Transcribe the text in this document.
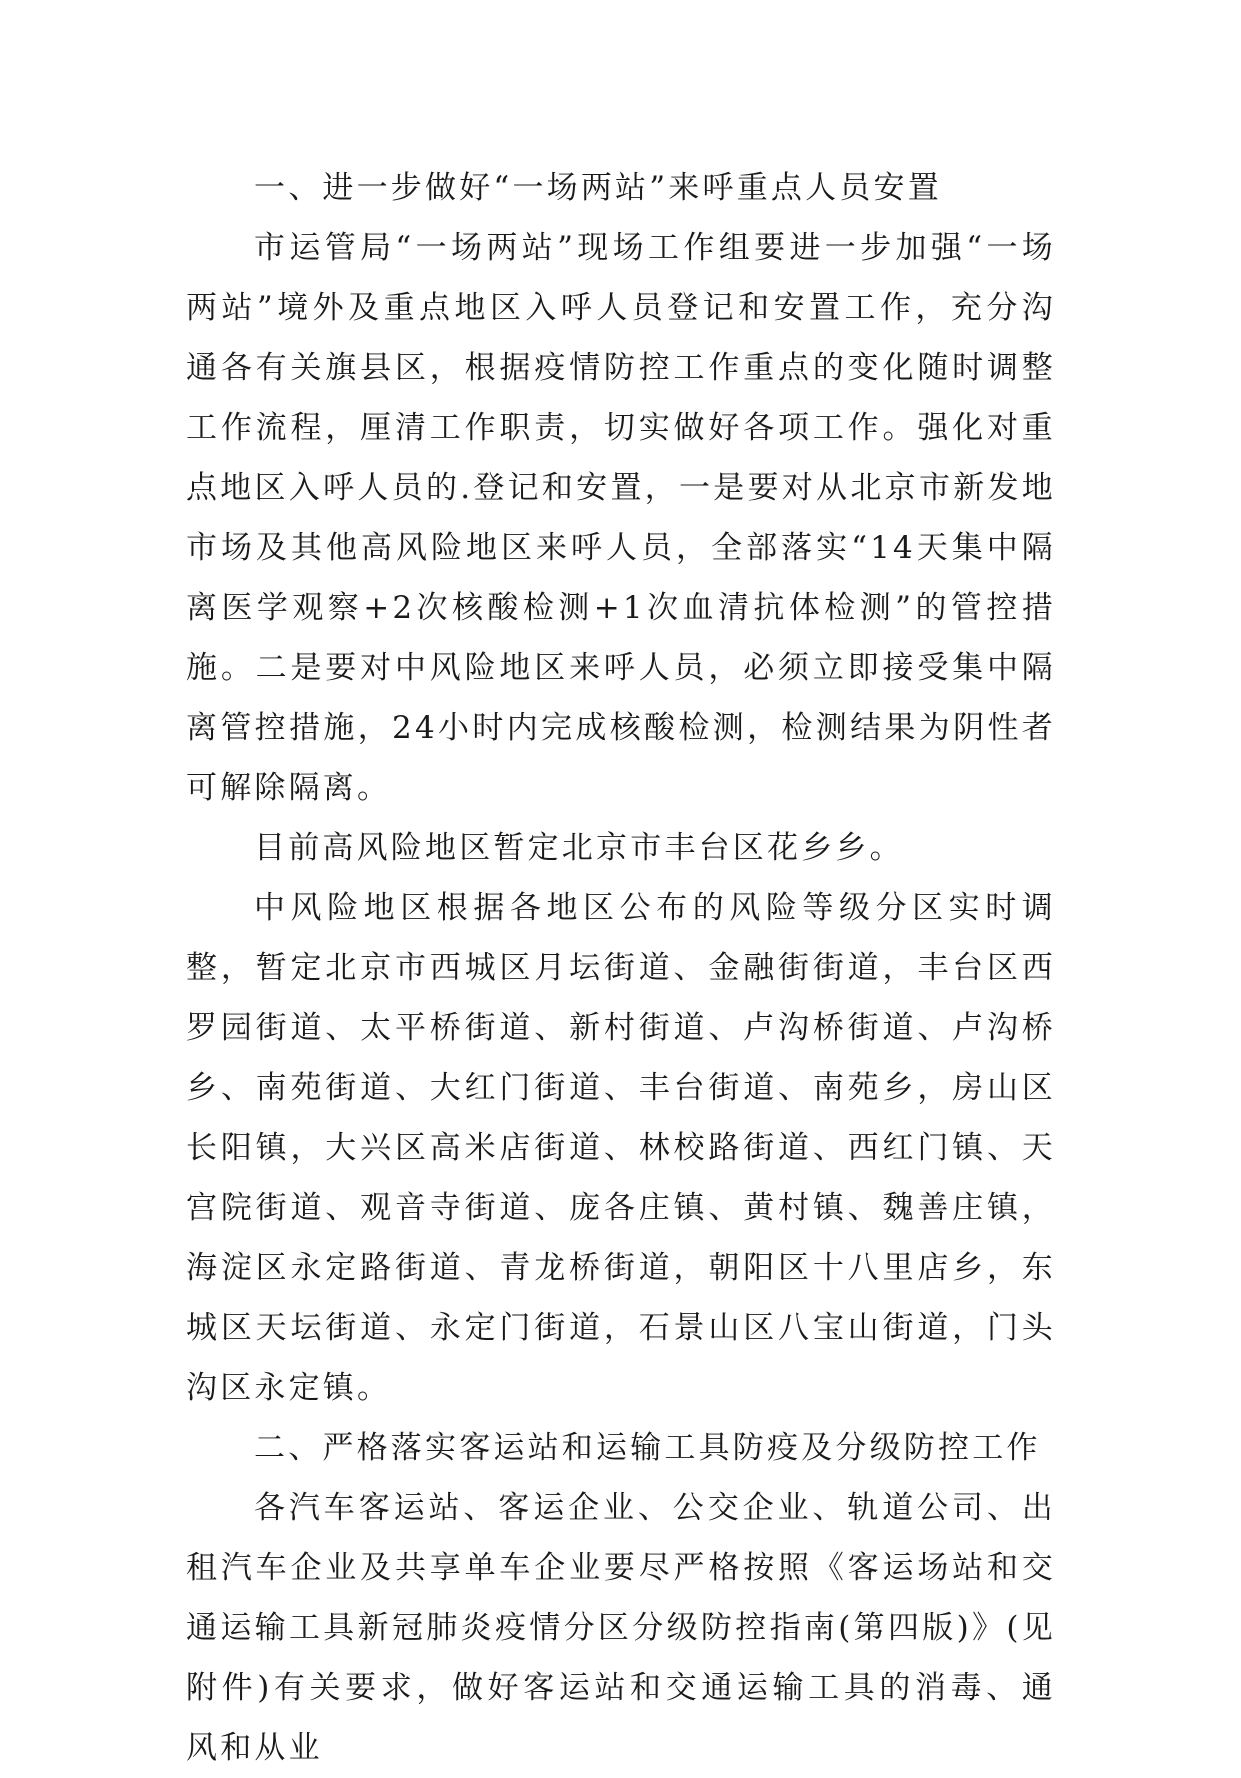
一、进一步做好“一场两站”来呼重点人员安置

市运管局“一场两站”现场工作组要进一步加强“一场两站”境外及重点地区入呼人员登记和安置工作，充分沟通各有关旗县区，根据疫情防控工作重点的变化随时调整工作流程，厘清工作职责，切实做好各项工作。强化对重点地区入呼人员的.登记和安置，一是要对从北京市新发地市场及其他高风险地区来呼人员，全部落实“14天集中隔离医学观察+2次核酸检测+1次血清抗体检测”的管控措施。二是要对中风险地区来呼人员，必须立即接受集中隔离管控措施，24小时内完成核酸检测，检测结果为阴性者可解除隔离。

目前高风险地区暂定北京市丰台区花乡乡。

中风险地区根据各地区公布的风险等级分区实时调整，暂定北京市西城区月坛街道、金融街街道，丰台区西罗园街道、太平桥街道、新村街道、卢沟桥街道、卢沟桥乡、南苑街道、大红门街道、丰台街道、南苑乡，房山区长阳镇，大兴区高米店街道、林校路街道、西红门镇、天宫院街道、观音寺街道、庞各庄镇、黄村镇、魏善庄镇，海淀区永定路街道、青龙桥街道，朝阳区十八里店乡，东城区天坛街道、永定门街道，石景山区八宝山街道，门头沟区永定镇。

二、严格落实客运站和运输工具防疫及分级防控工作

各汽车客运站、客运企业、公交企业、轨道公司、出租汽车企业及共享单车企业要尽严格按照《客运场站和交通运输工具新冠肺炎疫情分区分级防控指南(第四版)》(见附件)有关要求，做好客运站和交通运输工具的消毒、通风和从业
